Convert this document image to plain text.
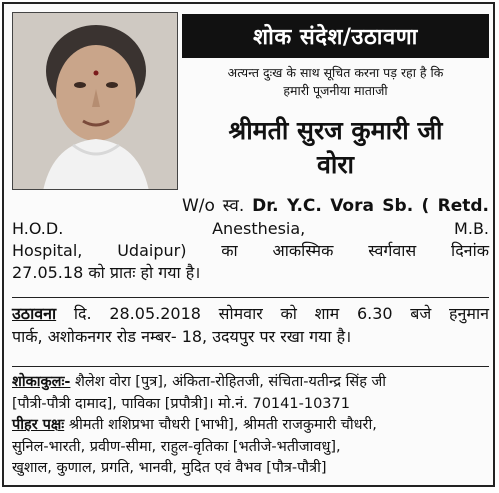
शोक संदेश/उठावणा
अत्यन्त दुःख के साथ सूचित करना पड़ रहा है कि
हमारी पूजनीया माताजी
श्रीमती सुरज कुमारी जी
वोरा
W/o स्व. Dr. Y.C. Vora Sb. ( Retd.
H.O.D. Anesthesia, M.B.
Hospital, Udaipur) का आकस्मिक स्वर्गवास दिनांक
27.05.18 को प्रातः हो गया है।
उठावना दि. 28.05.2018 सोमवार को शाम 6.30 बजे हनुमान
पार्क, अशोकनगर रोड नम्बर- 18, उदयपुर पर रखा गया है।
शोकाकुलः- शैलेश वोरा [पुत्र], अंकिता-रोहितजी, संचिता-यतीन्द्र सिंह जी
[पौत्री-पौत्री दामाद], पाविका [प्रपौत्री]। मो.नं. 70141-10371
पीहर पक्षः श्रीमती शशिप्रभा चौधरी [भाभी], श्रीमती राजकुमारी चौधरी,
सुनिल-भारती, प्रवीण-सीमा, राहुल-वृतिका [भतीजे-भतीजावधु],
खुशाल, कुणाल, प्रगति, भानवी, मुदित एवं वैभव [पौत्र-पौत्री]
